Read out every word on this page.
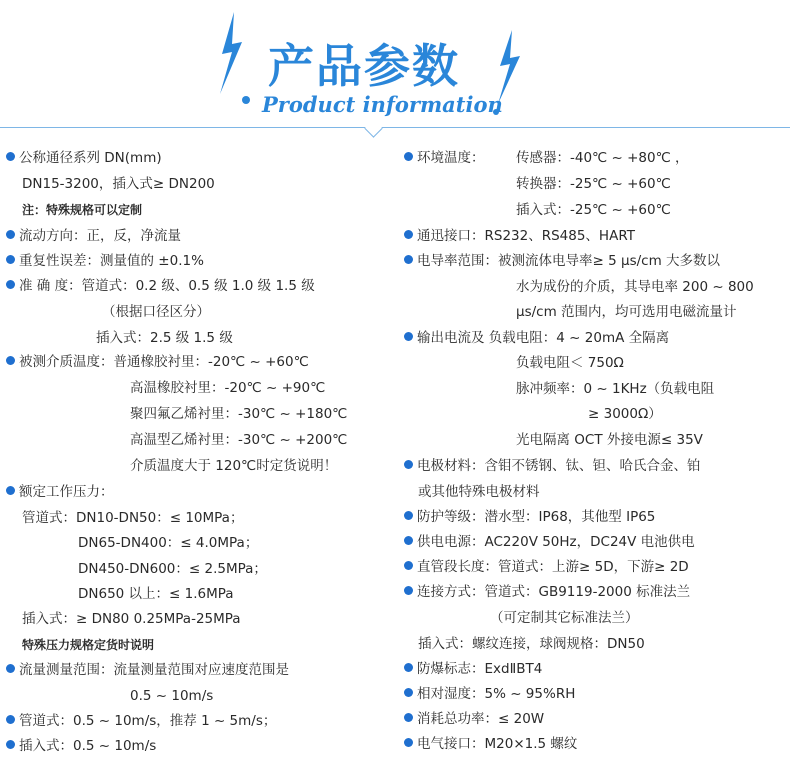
产品参数
Product information
公称通径系列 DN(mm)
DN15-3200，插入式≥ DN200
注：特殊规格可以定制
流动方向：正，反，净流量
重复性误差：测量值的 ±0.1%
准 确 度：管道式：0.2 级、0.5 级 1.0 级 1.5 级
（根据口径区分）
插入式：2.5 级 1.5 级
被测介质温度：普通橡胶衬里：-20℃ ~ +60℃
高温橡胶衬里：-20℃ ~ +90℃
聚四氟乙烯衬里：-30℃ ~ +180℃
高温型乙烯衬里：-30℃ ~ +200℃
介质温度大于 120℃时定货说明！
额定工作压力：
管道式：DN10-DN50：≤ 10MPa；
DN65-DN400：≤ 4.0MPa；
DN450-DN600：≤ 2.5MPa；
DN650 以上：≤ 1.6MPa
插入式：≥ DN80 0.25MPa-25MPa
特殊压力规格定货时说明
流量测量范围：流量测量范围对应速度范围是
0.5 ~ 10m/s
管道式：0.5 ~ 10m/s，推荐 1 ~ 5m/s；
插入式：0.5 ~ 10m/s
环境温度： 传感器：-40℃ ~ +80℃ ，
转换器：-25℃ ~ +60℃
插入式：-25℃ ~ +60℃
通迅接口：RS232、RS485、HART
电导率范围：被测流体电导率≥ 5 μs/cm 大多数以
水为成份的介质，其导电率 200 ~ 800
μs/cm 范围内，均可选用电磁流量计
输出电流及 负载电阻：4 ~ 20mA 全隔离
负载电阻＜ 750Ω
脉冲频率：0 ~ 1KHz（负载电阻
≥ 3000Ω）
光电隔离 OCT 外接电源≤ 35V
电极材料：含钼不锈钢、钛、钽、哈氏合金、铂
或其他特殊电极材料
防护等级：潜水型：IP68，其他型 IP65
供电电源：AC220V 50Hz，DC24V 电池供电
直管段长度：管道式：上游≥ 5D，下游≥ 2D
连接方式：管道式：GB9119-2000 标准法兰
（可定制其它标准法兰）
插入式：螺纹连接，球阀规格：DN50
防爆标志：ExdⅡBT4
相对湿度：5% ~ 95%RH
消耗总功率：≤ 20W
电气接口：M20×1.5 螺纹
